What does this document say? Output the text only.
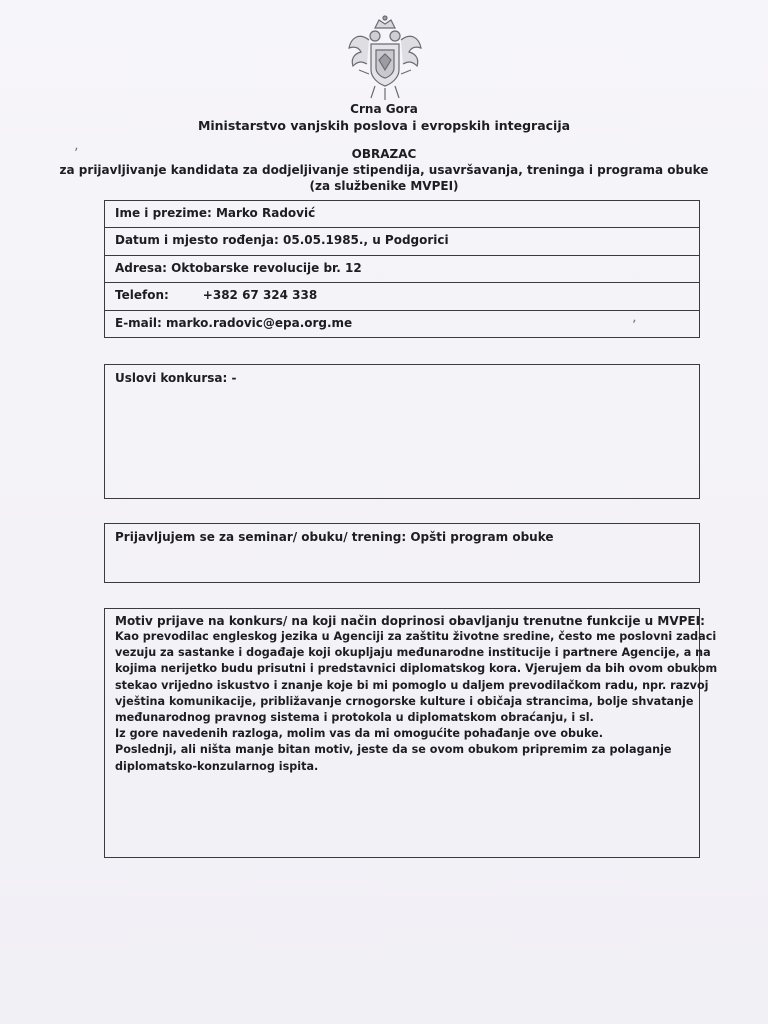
Crna Gora
Ministarstvo vanjskih poslova i evropskih integracija
OBRAZAC
za prijavljivanje kandidata za dodjeljivanje stipendija, usavršavanja, treninga i programa obuke
(za službenike MVPEI)
Ime i prezime: Marko Radović
Datum i mjesto rođenja: 05.05.1985., u Podgorici
Adresa: Oktobarske revolucije br. 12
Telefon:	+382 67 324 338
E-mail: marko.radovic@epa.org.me
Uslovi konkursa: -
Prijavljujem se za seminar/ obuku/ trening: Opšti program obuke
Motiv prijave na konkurs/ na koji način doprinosi obavljanju trenutne funkcije u MVPEI:
Kao prevodilac engleskog jezika u Agenciji za zaštitu životne sredine, često me poslovni zadaci
vezuju za sastanke i događaje koji okupljaju međunarodne institucije i partnere Agencije, a na
kojima nerijetko budu prisutni i predstavnici diplomatskog kora. Vjerujem da bih ovom obukom
stekao vrijedno iskustvo i znanje koje bi mi pomoglo u daljem prevodilačkom radu, npr. razvoj
vještina komunikacije, približavanje crnogorske kulture i običaja strancima, bolje shvatanje
međunarodnog pravnog sistema i protokola u diplomatskom obraćanju, i sl.
Iz gore navedenih razloga, molim vas da mi omogućite pohađanje ove obuke.
Poslednji, ali ništa manje bitan motiv, jeste da se ovom obukom pripremim za polaganje
diplomatsko-konzularnog ispita.
ʼ
ʼ
